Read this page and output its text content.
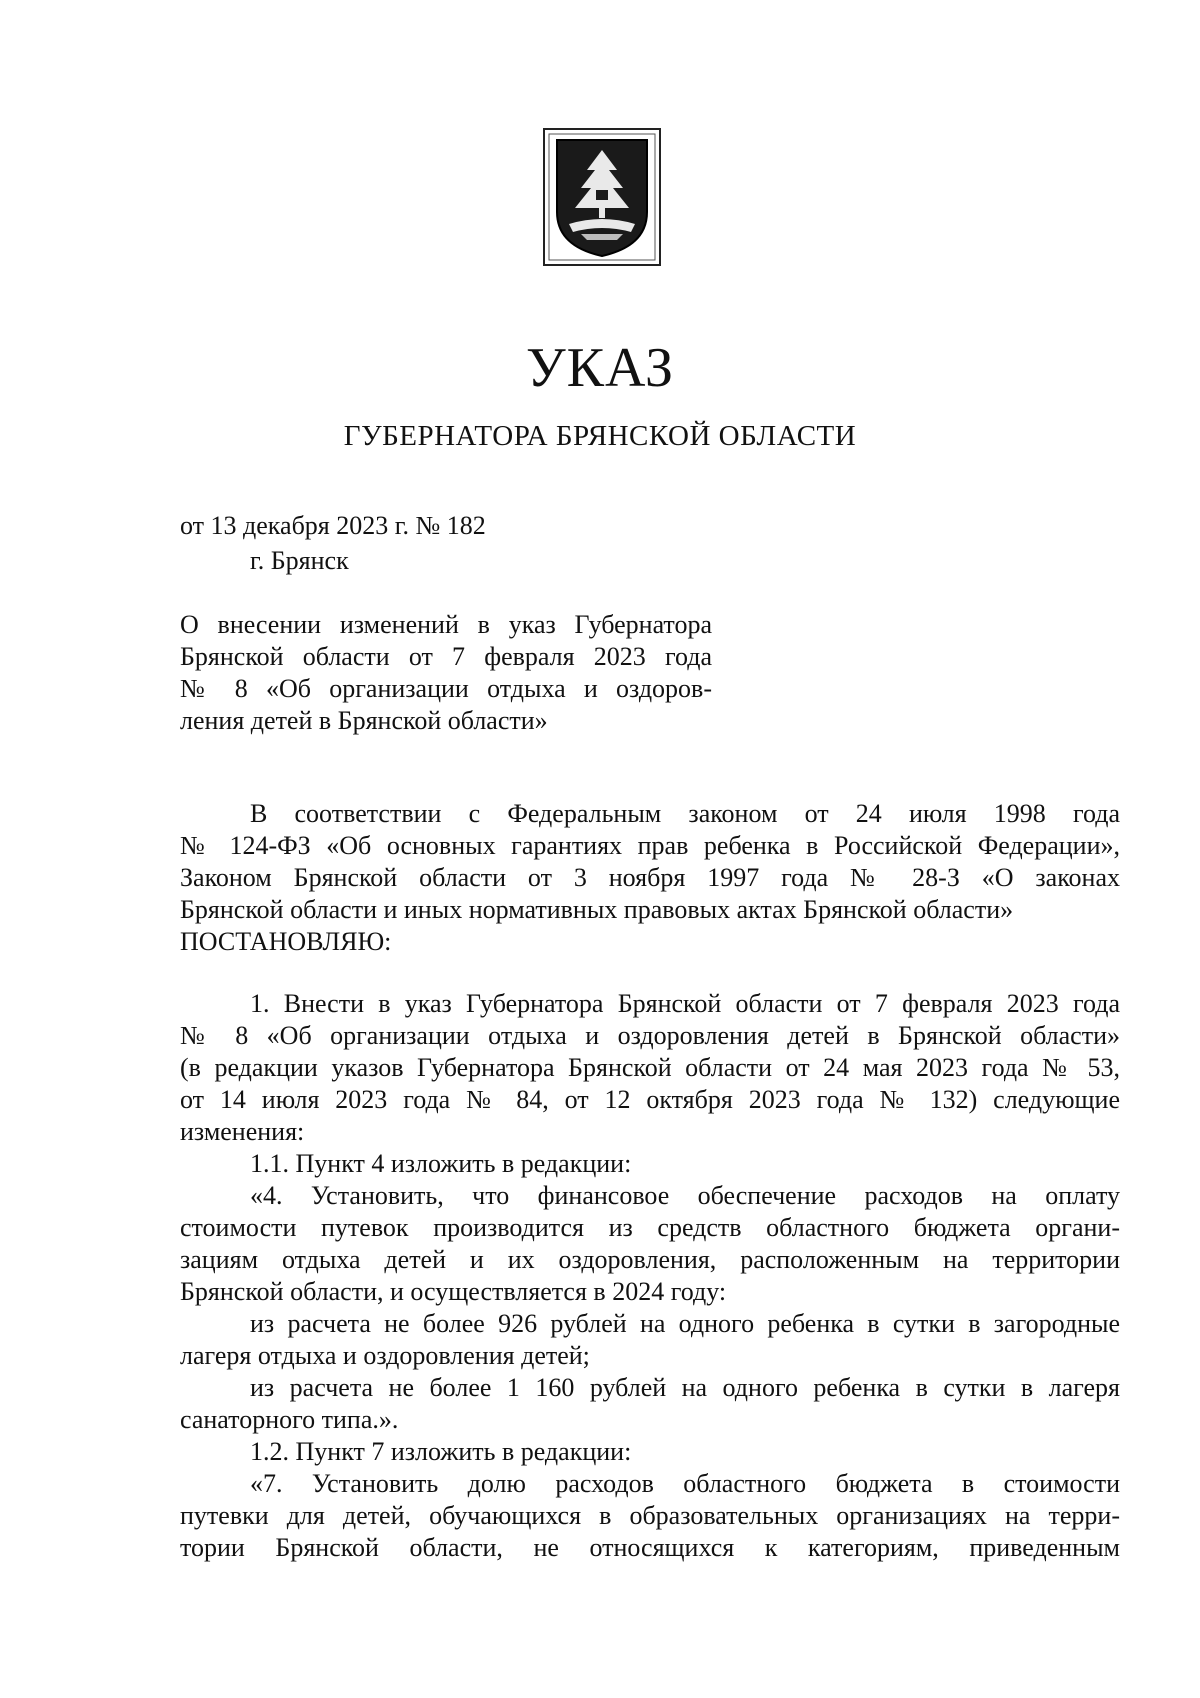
УКАЗ
ГУБЕРНАТОРА БРЯНСКОЙ ОБЛАСТИ
от 13 декабря 2023 г. № 182
г. Брянск
О внесении изменений в указ Губернатора
Брянской области от 7 февраля 2023 года
№ 8 «Об организации отдыха и оздоров-
ления детей в Брянской области»
В соответствии с Федеральным законом от 24 июля 1998 года
№ 124-ФЗ «Об основных гарантиях прав ребенка в Российской Федерации»,
Законом Брянской области от 3 ноября 1997 года № 28-З «О законах
Брянской области и иных нормативных правовых актах Брянской области»
ПОСТАНОВЛЯЮ:
1. Внести в указ Губернатора Брянской области от 7 февраля 2023 года
№ 8 «Об организации отдыха и оздоровления детей в Брянской области»
(в редакции указов Губернатора Брянской области от 24 мая 2023 года № 53,
от 14 июля 2023 года № 84, от 12 октября 2023 года № 132) следующие
изменения:
1.1. Пункт 4 изложить в редакции:
«4. Установить, что финансовое обеспечение расходов на оплату
стоимости путевок производится из средств областного бюджета органи-
зациям отдыха детей и их оздоровления, расположенным на территории
Брянской области, и осуществляется в 2024 году:
из расчета не более 926 рублей на одного ребенка в сутки в загородные
лагеря отдыха и оздоровления детей;
из расчета не более 1 160 рублей на одного ребенка в сутки в лагеря
санаторного типа.».
1.2. Пункт 7 изложить в редакции:
«7. Установить долю расходов областного бюджета в стоимости
путевки для детей, обучающихся в образовательных организациях на терри-
тории Брянской области, не относящихся к категориям, приведенным
